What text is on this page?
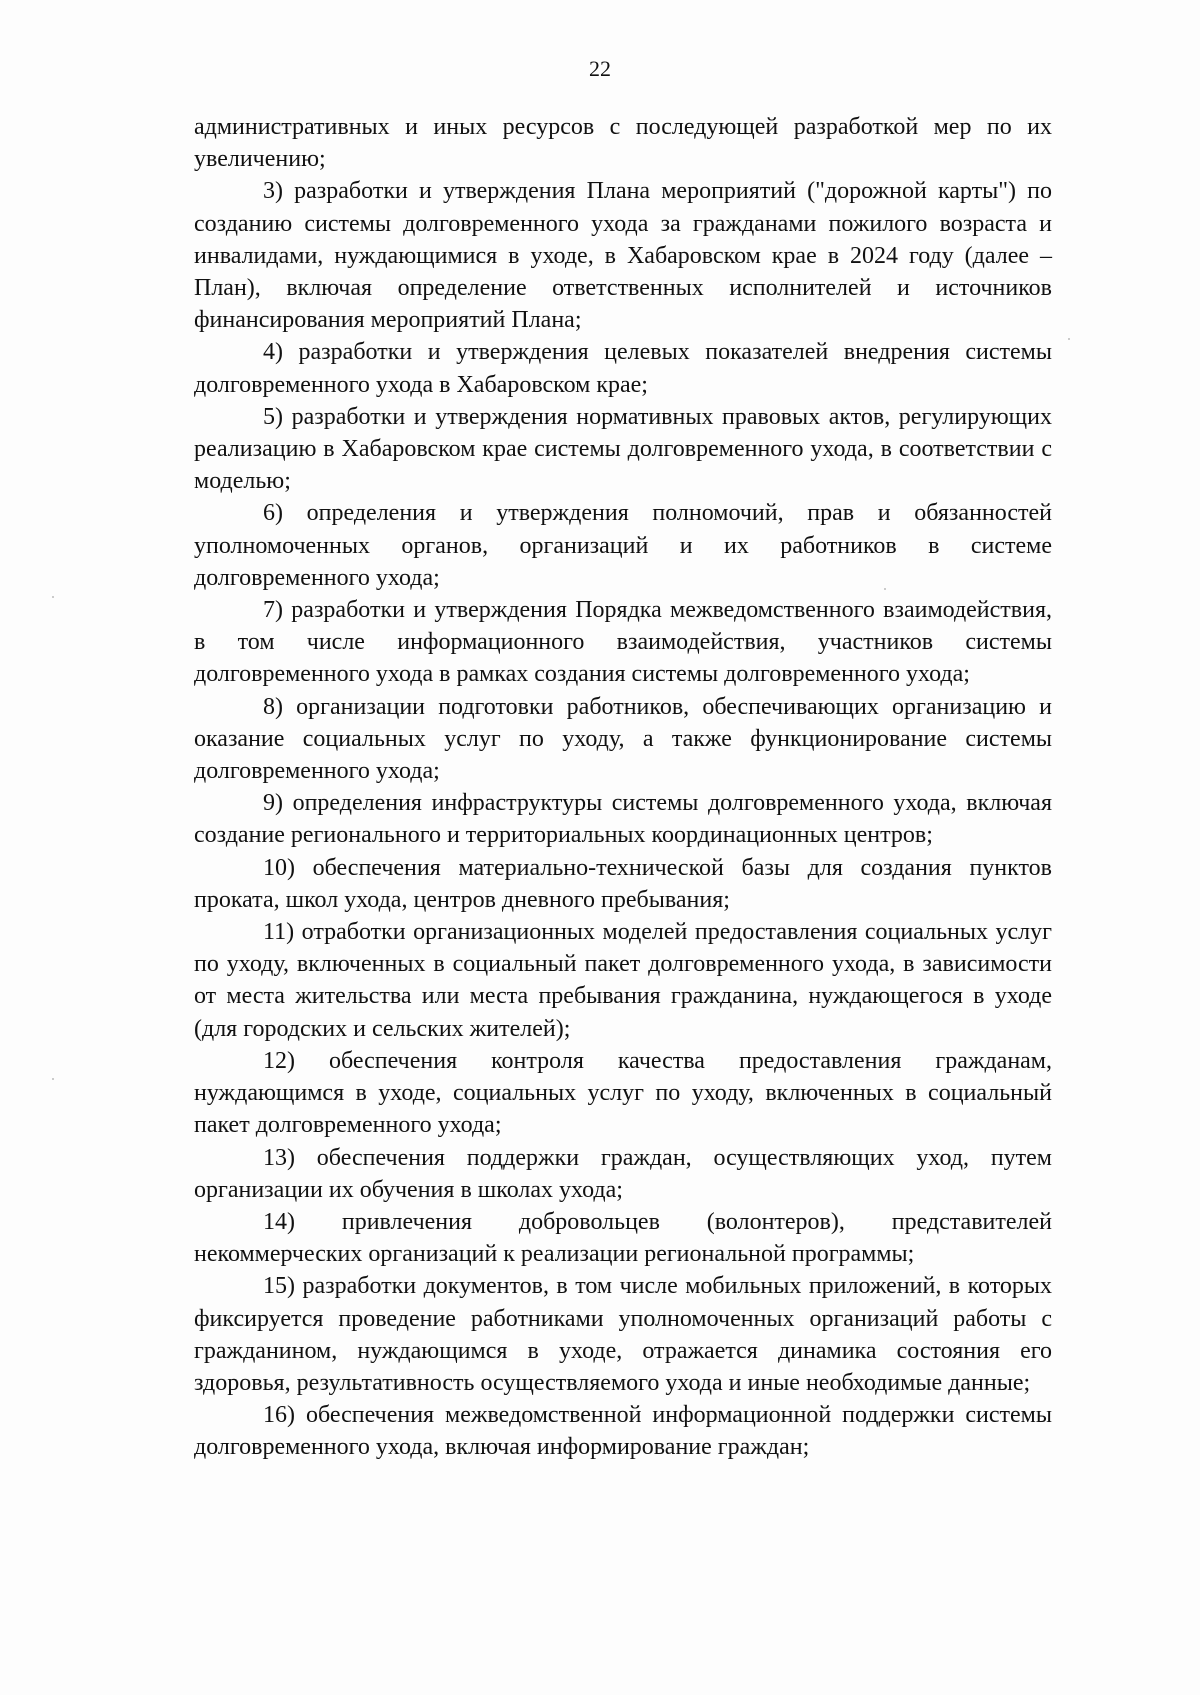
22

административных и иных ресурсов с последующей разработкой мер по их увеличению;

3) разработки и утверждения Плана мероприятий ("дорожной карты") по созданию системы долговременного ухода за гражданами пожилого возраста и инвалидами, нуждающимися в уходе, в Хабаровском крае в 2024 году (далее – План), включая определение ответственных исполнителей и источников финансирования мероприятий Плана;

4) разработки и утверждения целевых показателей внедрения системы долговременного ухода в Хабаровском крае;

5) разработки и утверждения нормативных правовых актов, регулирующих реализацию в Хабаровском крае системы долговременного ухода, в соответствии с моделью;

6) определения и утверждения полномочий, прав и обязанностей уполномоченных органов, организаций и их работников в системе долговременного ухода;

7) разработки и утверждения Порядка межведомственного взаимодействия, в том числе информационного взаимодействия, участников системы долговременного ухода в рамках создания системы долговременного ухода;

8) организации подготовки работников, обеспечивающих организацию и оказание социальных услуг по уходу, а также функционирование системы долговременного ухода;

9) определения инфраструктуры системы долговременного ухода, включая создание регионального и территориальных координационных центров;

10) обеспечения материально-технической базы для создания пунктов проката, школ ухода, центров дневного пребывания;

11) отработки организационных моделей предоставления социальных услуг по уходу, включенных в социальный пакет долговременного ухода, в зависимости от места жительства или места пребывания гражданина, нуждающегося в уходе (для городских и сельских жителей);

12) обеспечения контроля качества предоставления гражданам, нуждающимся в уходе, социальных услуг по уходу, включенных в социальный пакет долговременного ухода;

13) обеспечения поддержки граждан, осуществляющих уход, путем организации их обучения в школах ухода;

14) привлечения добровольцев (волонтеров), представителей некоммерческих организаций к реализации региональной программы;

15) разработки документов, в том числе мобильных приложений, в которых фиксируется проведение работниками уполномоченных организаций работы с гражданином, нуждающимся в уходе, отражается динамика состояния его здоровья, результативность осуществляемого ухода и иные необходимые данные;

16) обеспечения межведомственной информационной поддержки системы долговременного ухода, включая информирование граждан;
